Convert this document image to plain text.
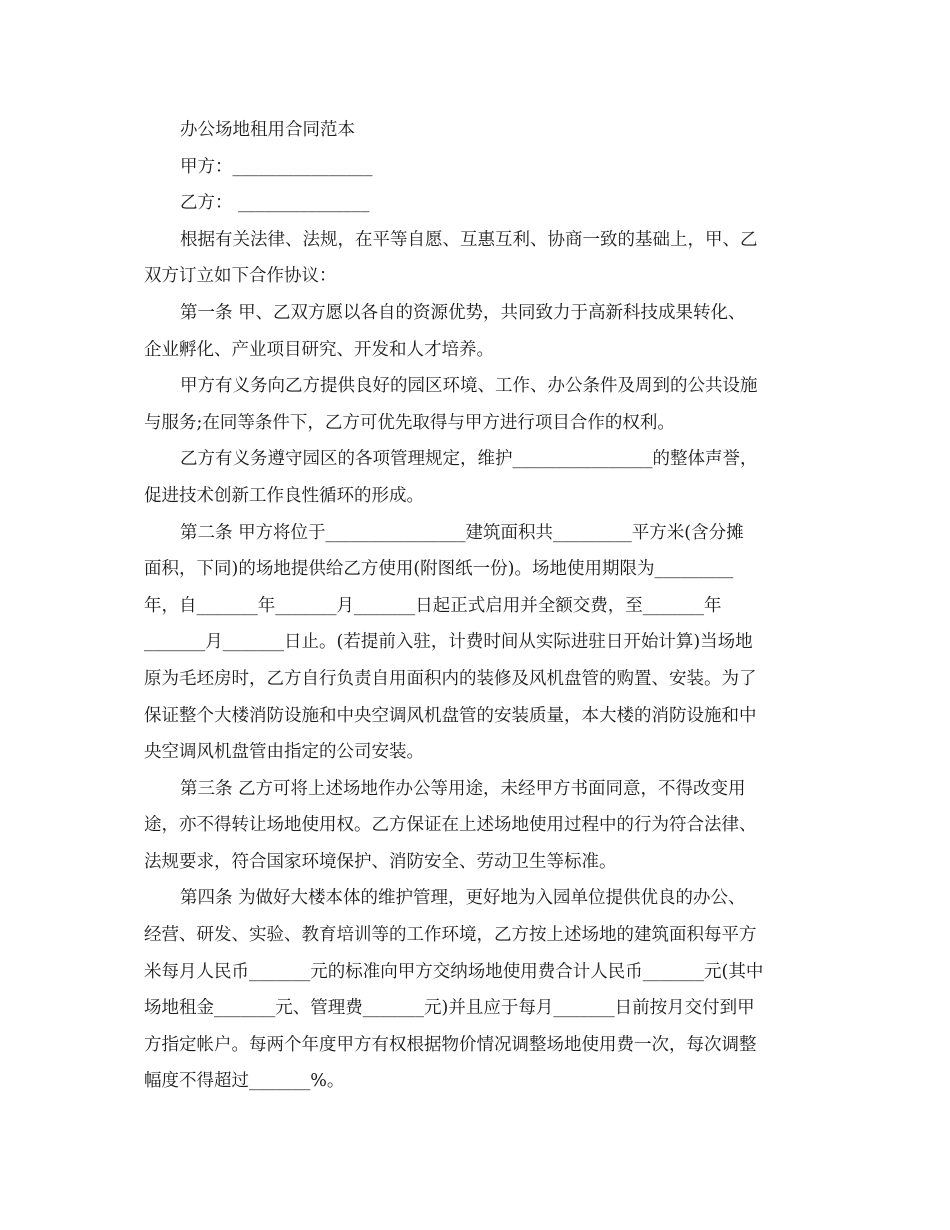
办公场地租用合同范本
甲方：________________
乙方： _______________
根据有关法律、法规，在平等自愿、互惠互利、协商一致的基础上，甲、乙
双方订立如下合作协议：
第一条 甲、乙双方愿以各自的资源优势，共同致力于高新科技成果转化、
企业孵化、产业项目研究、开发和人才培养。
甲方有义务向乙方提供良好的园区环境、工作、办公条件及周到的公共设施
与服务;在同等条件下，乙方可优先取得与甲方进行项目合作的权利。
乙方有义务遵守园区的各项管理规定，维护________________的整体声誉，
促进技术创新工作良性循环的形成。
第二条 甲方将位于________________建筑面积共_________平方米(含分摊
面积，下同)的场地提供给乙方使用(附图纸一份)。场地使用期限为_________
年，自_______年_______月_______日起正式启用并全额交费，至_______年
_______月_______日止。(若提前入驻，计费时间从实际进驻日开始计算)当场地
原为毛坯房时，乙方自行负责自用面积内的装修及风机盘管的购置、安装。为了
保证整个大楼消防设施和中央空调风机盘管的安装质量，本大楼的消防设施和中
央空调风机盘管由指定的公司安装。
第三条 乙方可将上述场地作办公等用途，未经甲方书面同意，不得改变用
途，亦不得转让场地使用权。乙方保证在上述场地使用过程中的行为符合法律、
法规要求，符合国家环境保护、消防安全、劳动卫生等标准。
第四条 为做好大楼本体的维护管理，更好地为入园单位提供优良的办公、
经营、研发、实验、教育培训等的工作环境，乙方按上述场地的建筑面积每平方
米每月人民币_______元的标准向甲方交纳场地使用费合计人民币_______元(其中
场地租金_______元、管理费_______元)并且应于每月_______日前按月交付到甲
方指定帐户。每两个年度甲方有权根据物价情况调整场地使用费一次，每次调整
幅度不得超过_______%。
